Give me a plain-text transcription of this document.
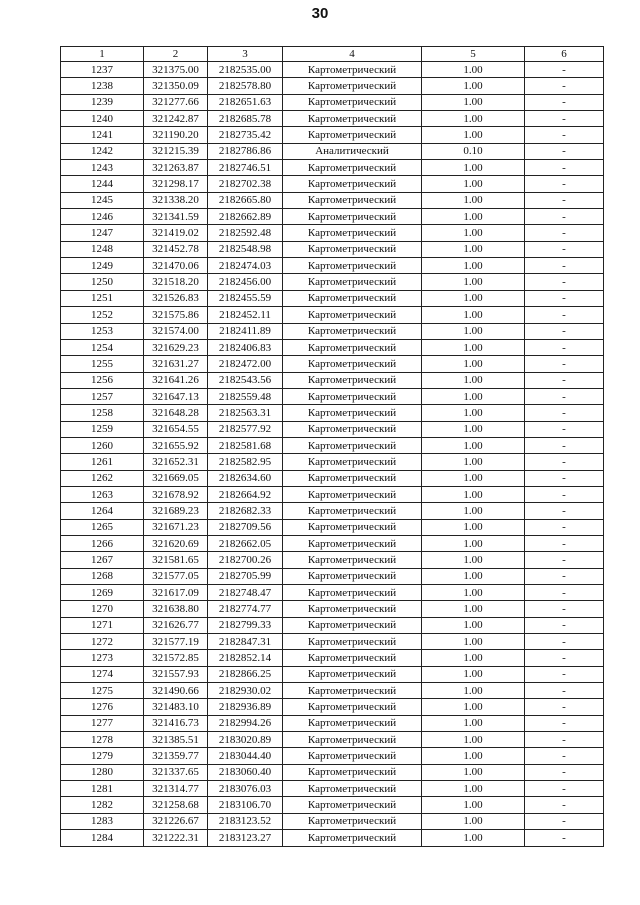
30
1	2	3	4	5	6
1237	321375.00	2182535.00	Картометрический	1.00	-
1238	321350.09	2182578.80	Картометрический	1.00	-
1239	321277.66	2182651.63	Картометрический	1.00	-
1240	321242.87	2182685.78	Картометрический	1.00	-
1241	321190.20	2182735.42	Картометрический	1.00	-
1242	321215.39	2182786.86	Аналитический	0.10	-
1243	321263.87	2182746.51	Картометрический	1.00	-
1244	321298.17	2182702.38	Картометрический	1.00	-
1245	321338.20	2182665.80	Картометрический	1.00	-
1246	321341.59	2182662.89	Картометрический	1.00	-
1247	321419.02	2182592.48	Картометрический	1.00	-
1248	321452.78	2182548.98	Картометрический	1.00	-
1249	321470.06	2182474.03	Картометрический	1.00	-
1250	321518.20	2182456.00	Картометрический	1.00	-
1251	321526.83	2182455.59	Картометрический	1.00	-
1252	321575.86	2182452.11	Картометрический	1.00	-
1253	321574.00	2182411.89	Картометрический	1.00	-
1254	321629.23	2182406.83	Картометрический	1.00	-
1255	321631.27	2182472.00	Картометрический	1.00	-
1256	321641.26	2182543.56	Картометрический	1.00	-
1257	321647.13	2182559.48	Картометрический	1.00	-
1258	321648.28	2182563.31	Картометрический	1.00	-
1259	321654.55	2182577.92	Картометрический	1.00	-
1260	321655.92	2182581.68	Картометрический	1.00	-
1261	321652.31	2182582.95	Картометрический	1.00	-
1262	321669.05	2182634.60	Картометрический	1.00	-
1263	321678.92	2182664.92	Картометрический	1.00	-
1264	321689.23	2182682.33	Картометрический	1.00	-
1265	321671.23	2182709.56	Картометрический	1.00	-
1266	321620.69	2182662.05	Картометрический	1.00	-
1267	321581.65	2182700.26	Картометрический	1.00	-
1268	321577.05	2182705.99	Картометрический	1.00	-
1269	321617.09	2182748.47	Картометрический	1.00	-
1270	321638.80	2182774.77	Картометрический	1.00	-
1271	321626.77	2182799.33	Картометрический	1.00	-
1272	321577.19	2182847.31	Картометрический	1.00	-
1273	321572.85	2182852.14	Картометрический	1.00	-
1274	321557.93	2182866.25	Картометрический	1.00	-
1275	321490.66	2182930.02	Картометрический	1.00	-
1276	321483.10	2182936.89	Картометрический	1.00	-
1277	321416.73	2182994.26	Картометрический	1.00	-
1278	321385.51	2183020.89	Картометрический	1.00	-
1279	321359.77	2183044.40	Картометрический	1.00	-
1280	321337.65	2183060.40	Картометрический	1.00	-
1281	321314.77	2183076.03	Картометрический	1.00	-
1282	321258.68	2183106.70	Картометрический	1.00	-
1283	321226.67	2183123.52	Картометрический	1.00	-
1284	321222.31	2183123.27	Картометрический	1.00	-
